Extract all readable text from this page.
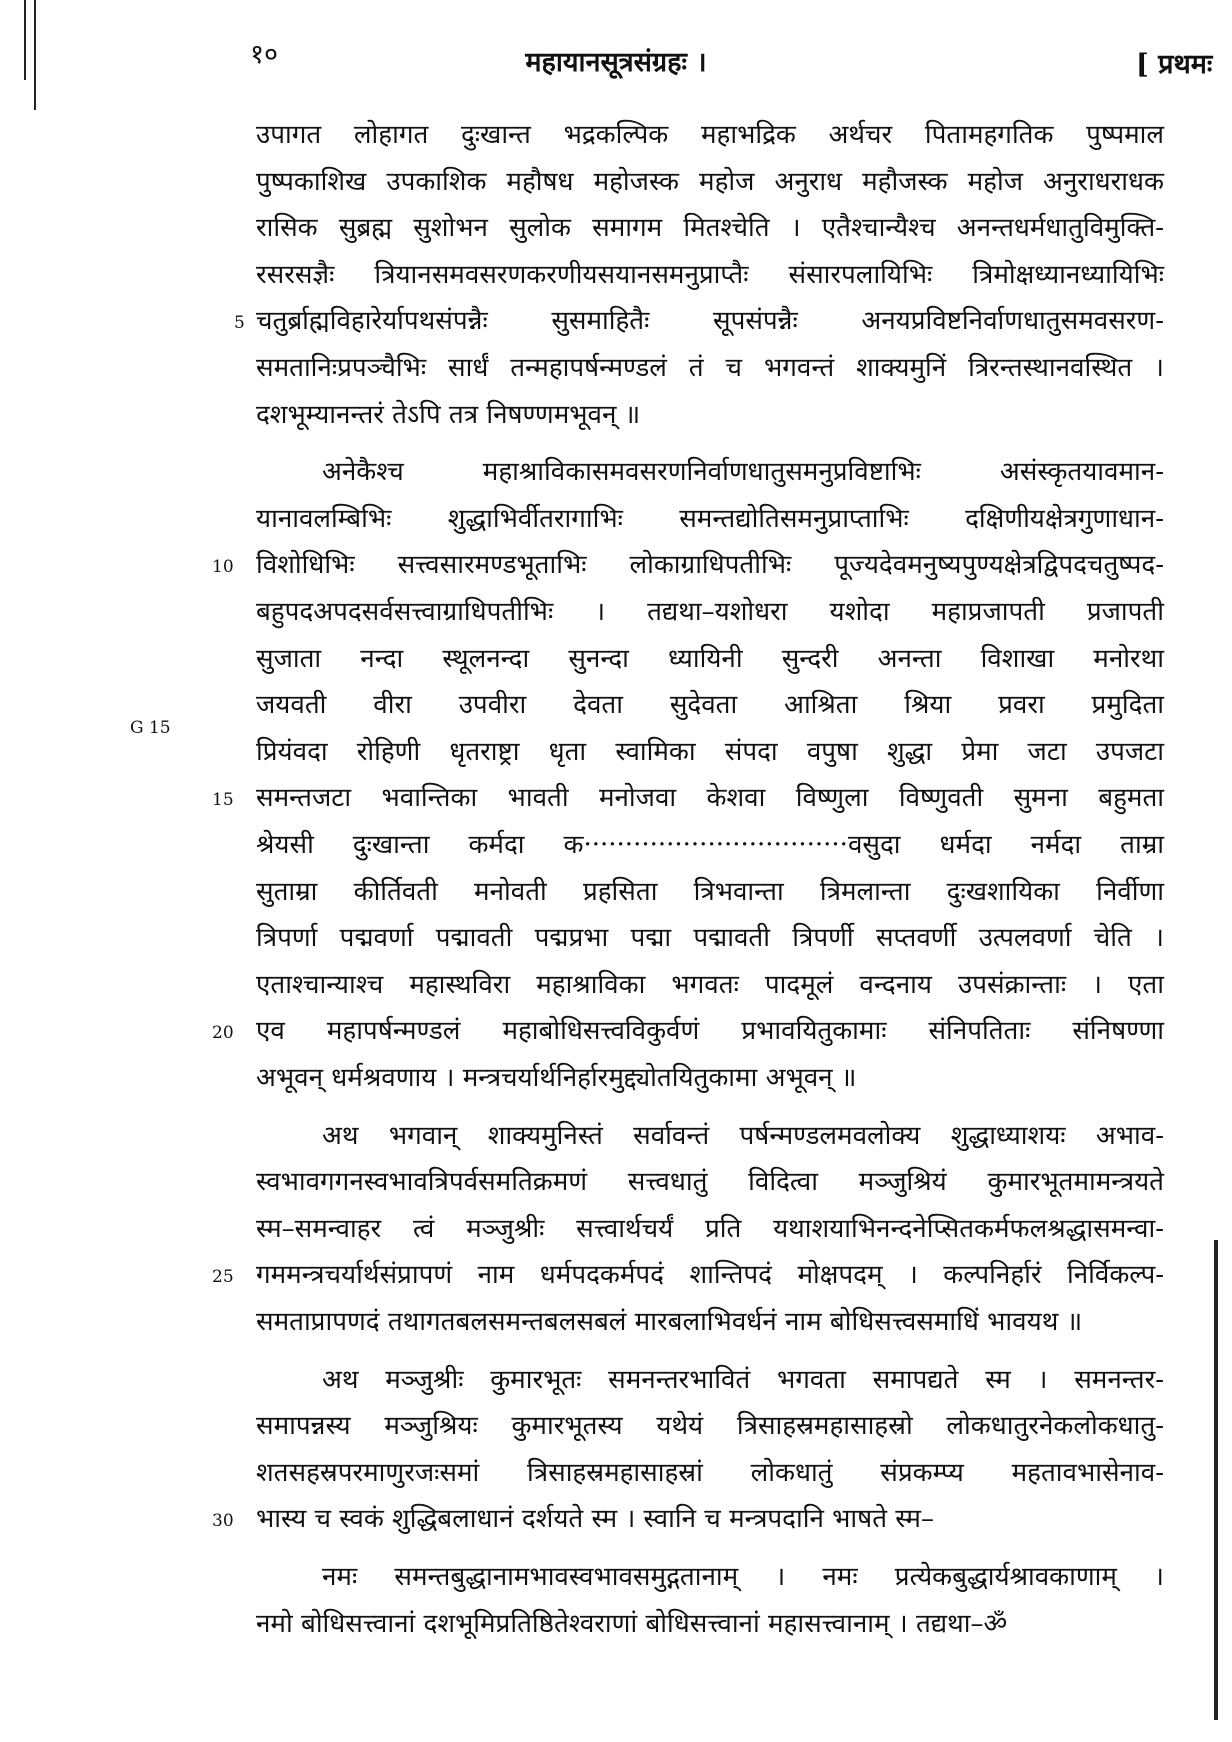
१०	महायानसूत्रसंग्रहः ।	[ प्रथमः
G 15
उपागत लोहागत दुःखान्त भद्रकल्पिक महाभद्रिक अर्थचर पितामहगतिक पुष्पमाल
पुष्पकाशिख उपकाशिक महौषध महोजस्क महोज अनुराध महौजस्क महोज अनुराधराधक
रासिक सुब्रह्म सुशोभन सुलोक समागम मितश्चेति । एतैश्चान्यैश्च अनन्तधर्मधातुविमुक्ति-
रसरसज्ञैः त्रियानसमवसरणकरणीयसयानसमनुप्राप्तैः संसारपलायिभिः त्रिमोक्षध्यानध्यायिभिः
चतुर्ब्राह्मविहारेर्यापथसंपन्नैः सुसमाहितैः सूपसंपन्नैः अनयप्रविष्टनिर्वाणधातुसमवसरण-
5
समतानिःप्रपञ्चैभिः सार्धं तन्महापर्षन्मण्डलं तं च भगवन्तं शाक्यमुनिं त्रिरन्तस्थानवस्थित ।
दशभूम्यानन्तरं तेऽपि तत्र निषण्णमभूवन् ॥
अनेकैश्च महाश्राविकासमवसरणनिर्वाणधातुसमनुप्रविष्टाभिः असंस्कृतयावमान-
यानावलम्बिभिः शुद्धाभिर्वीतरागाभिः समन्तद्योतिसमनुप्राप्ताभिः दक्षिणीयक्षेत्रगुणाधान-
विशोधिभिः सत्त्वसारमण्डभूताभिः लोकाग्राधिपतीभिः पूज्यदेवमनुष्यपुण्यक्षेत्रद्विपदचतुष्पद-
10
बहुपदअपदसर्वसत्त्वाग्राधिपतीभिः । तद्यथा–यशोधरा यशोदा महाप्रजापती प्रजापती
सुजाता नन्दा स्थूलनन्दा सुनन्दा ध्यायिनी सुन्दरी अनन्ता विशाखा मनोरथा
जयवती वीरा उपवीरा देवता सुदेवता आश्रिता श्रिया प्रवरा प्रमुदिता
प्रियंवदा रोहिणी धृतराष्ट्रा धृता स्वामिका संपदा वपुषा शुद्धा प्रेमा जटा उपजटा
समन्तजटा भवान्तिका भावती मनोजवा केशवा विष्णुला विष्णुवती सुमना बहुमता
15
श्रेयसी दुःखान्ता कर्मदा क································वसुदा धर्मदा नर्मदा ताम्रा
सुताम्रा कीर्तिवती मनोवती प्रहसिता त्रिभवान्ता त्रिमलान्ता दुःखशायिका निर्वीणा
त्रिपर्णा पद्मवर्णा पद्मावती पद्मप्रभा पद्मा पद्मावती त्रिपर्णी सप्तवर्णी उत्पलवर्णा चेति ।
एताश्चान्याश्च महास्थविरा महाश्राविका भगवतः पादमूलं वन्दनाय उपसंक्रान्ताः । एता
एव महापर्षन्मण्डलं महाबोधिसत्त्वविकुर्वणं प्रभावयितुकामाः संनिपतिताः संनिषण्णा
20
अभूवन् धर्मश्रवणाय । मन्त्रचर्यार्थनिर्हारमुद्द्योतयितुकामा अभूवन् ॥
अथ भगवान् शाक्यमुनिस्तं सर्वावन्तं पर्षन्मण्डलमवलोक्य शुद्धाध्याशयः अभाव-
स्वभावगगनस्वभावत्रिपर्वसमतिक्रमणं सत्त्वधातुं विदित्वा मञ्जुश्रियं कुमारभूतमामन्त्रयते
स्म–समन्वाहर त्वं मञ्जुश्रीः सत्त्वार्थचर्यं प्रति यथाशयाभिनन्दनेप्सितकर्मफलश्रद्धासमन्वा-
गममन्त्रचर्यार्थसंप्रापणं नाम धर्मपदकर्मपदं शान्तिपदं मोक्षपदम् । कल्पनिर्हारं निर्विकल्प-
25
समताप्रापणदं तथागतबलसमन्तबलसबलं मारबलाभिवर्धनं नाम बोधिसत्त्वसमाधिं भावयथ ॥
अथ मञ्जुश्रीः कुमारभूतः समनन्तरभावितं भगवता समापद्यते स्म । समनन्तर-
समापन्नस्य मञ्जुश्रियः कुमारभूतस्य यथेयं त्रिसाहस्रमहासाहस्रो लोकधातुरनेकलोकधातु-
शतसहस्रपरमाणुरजःसमां त्रिसाहस्रमहासाहस्रां लोकधातुं संप्रकम्प्य महतावभासेनाव-
भास्य च स्वकं शुद्धिबलाधानं दर्शयते स्म । स्वानि च मन्त्रपदानि भाषते स्म–
30
नमः समन्तबुद्धानामभावस्वभावसमुद्गतानाम् । नमः प्रत्येकबुद्धार्यश्रावकाणाम् ।
नमो बोधिसत्त्वानां दशभूमिप्रतिष्ठितेश्वराणां बोधिसत्त्वानां महासत्त्वानाम् । तद्यथा–ॐ
